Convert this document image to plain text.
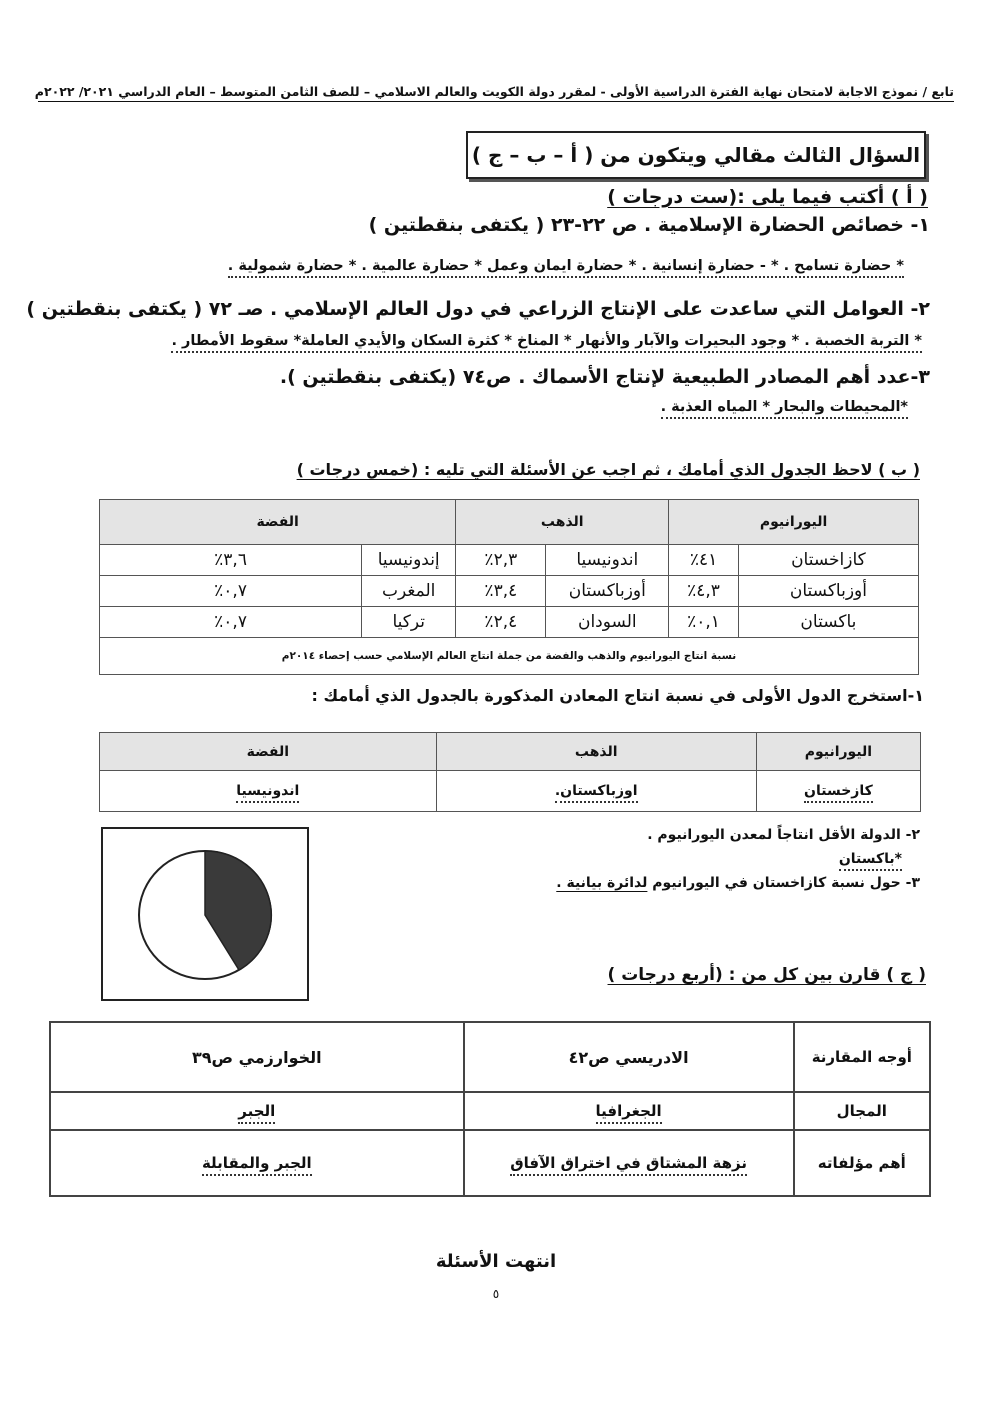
تابع / نموذج الاجابة لامتحان نهاية الفترة الدراسية الأولى - لمقرر دولة الكويت والعالم الاسلامي – للصف الثامن المتوسط – العام الدراسي ٢٠٢١/ ٢٠٢٢م
السؤال الثالث مقالي ويتكون من ( أ – ب – ج )
( أ ) أكتب فيما يلى :(ست درجات )
١- خصائص الحضارة الإسلامية . ص ٢٢-٢٣ ( يكتفى بنقطتين )
* حضارة تسامح . * - حضارة إنسانية . * حضارة ايمان وعمل * حضارة عالمية . * حضارة شمولية .
٢- العوامل التي ساعدت على الإنتاج الزراعي في دول العالم الإسلامي . صـ ٧٢ ( يكتفى بنقطتين )
* التربة الخصبة . * وجود البحيرات والآبار والأنهار * المناخ * كثرة السكان والأيدي العاملة* سقوط الأمطار .
٣-عدد أهم المصادر الطبيعية لإنتاج الأسماك . ص٧٤ (يكتفى بنقطتين ).
*المحيطات والبحار * المياه العذبة .
( ب ) لاحظ الجدول الذي أمامك ، ثم اجب عن الأسئلة التي تليه : (خمس درجات )
اليورانيوم		الذهب		الفضة	
كازاخستان	٤١٪	اندونيسيا	٢,٣٪	إندونيسيا	٣,٦٪
أوزباكستان	٤,٣٪	أوزباكستان	٣,٤٪	المغرب	٠,٧٪
باكستان	٠,١٪	السودان	٢,٤٪	تركيا	٠,٧٪
نسبة انتاج اليورانيوم والذهب والفضة من جملة انتاج العالم الإسلامي حسب إحصاء ٢٠١٤م					
١-استخرج الدول الأولى في نسبة انتاج المعادن المذكورة بالجدول الذي أمامك :
اليورانيوم	الذهب	الفضة
كازخستان	اوزباكستان.	اندونيسيا
٢- الدولة الأقل انتاجاً لمعدن اليورانيوم .
*باكستان
٣- حول نسبة كازاخستان في اليورانيوم لدائرة بيانية .
( ج ) قارن بين كل من : (أربع درجات )
أوجه المقارنة	الادريسي ص٤٢	الخوارزمي ص٣٩
المجال	الجغرافيا	الجبر
أهم مؤلفاته	نزهة المشتاق في اختراق الآفاق	الجبر والمقابلة
انتهت الأسئلة
٥
